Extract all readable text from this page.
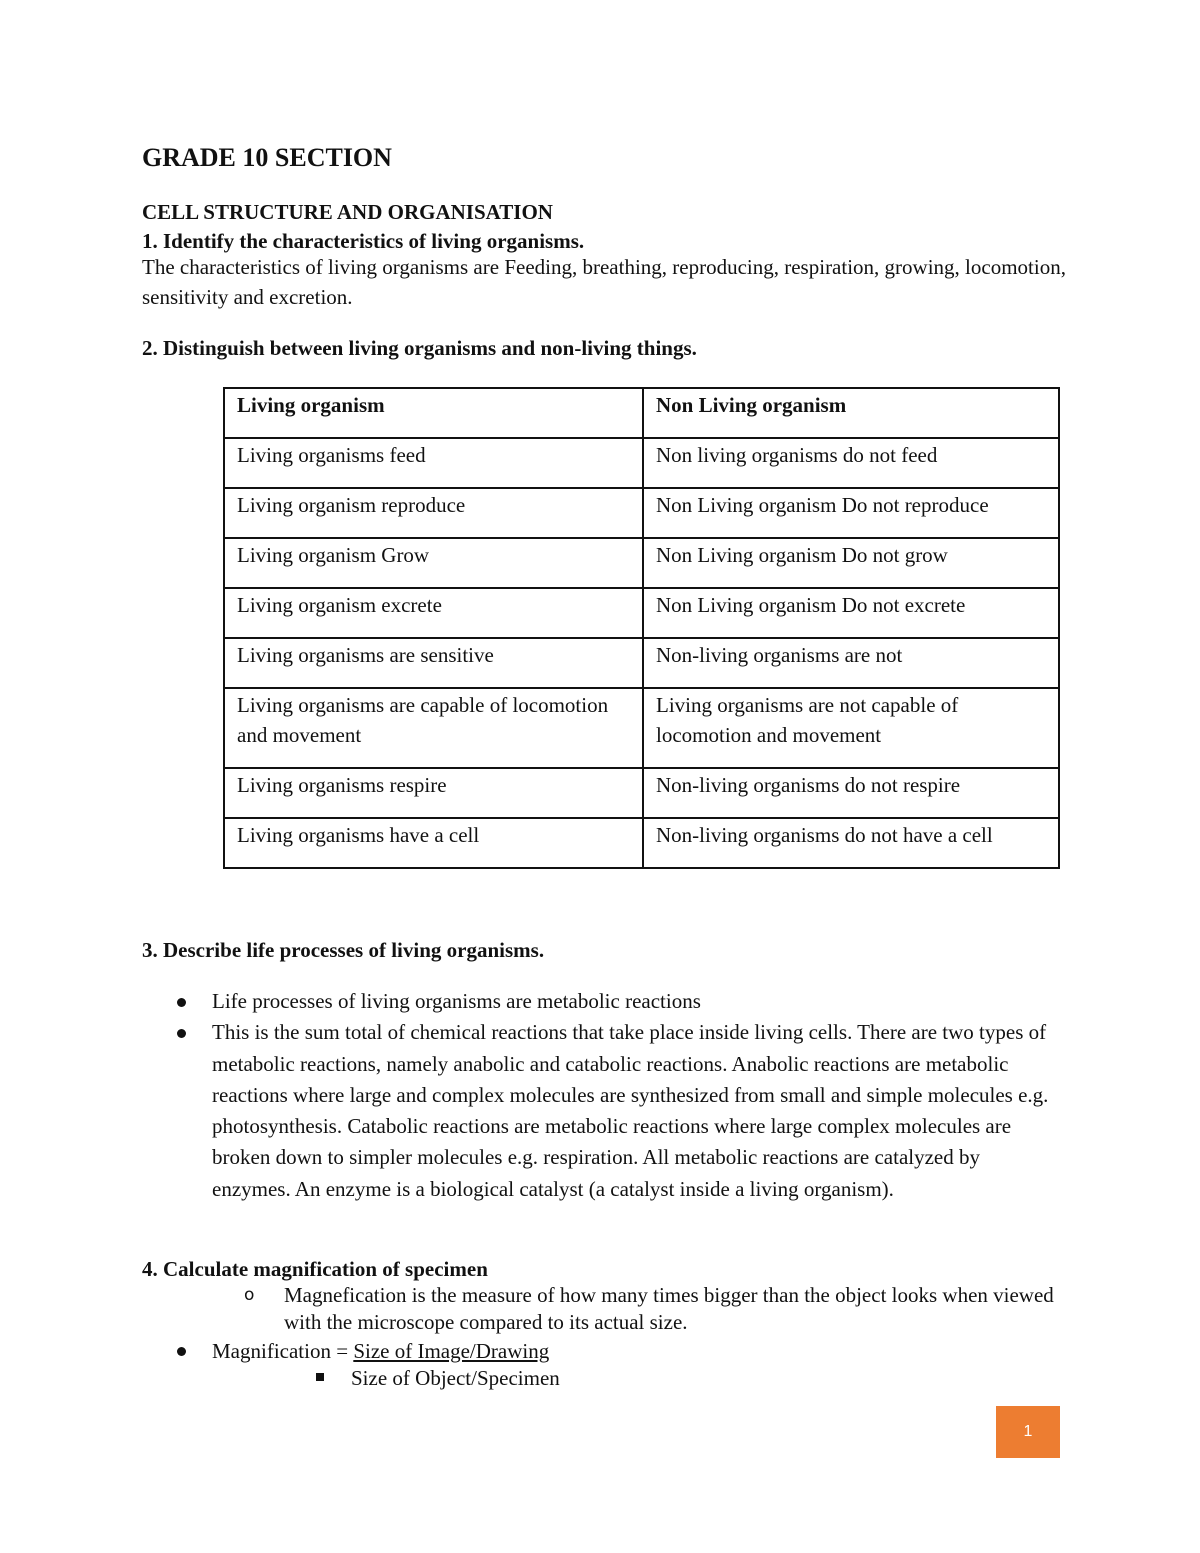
GRADE 10 SECTION
CELL STRUCTURE AND ORGANISATION
1. Identify the characteristics of living organisms.

The characteristics of living organisms are Feeding, breathing, reproducing, respiration, growing, locomotion, sensitivity and excretion.

2. Distinguish between living organisms and non-living things.
Living organism	Non Living organism
Living organisms feed	Non living organisms do not feed
Living organism reproduce	Non Living organism Do not reproduce
Living organism Grow	Non Living organism Do not grow
Living organism excrete	Non Living organism Do not excrete
Living organisms are sensitive	Non-living organisms are not
Living organisms are capable of locomotion and movement	Living organisms are not capable of locomotion and movement
Living organisms respire	Non-living organisms do not respire
Living organisms have a cell	Non-living organisms do not have a cell
3. Describe life processes of living organisms.
Life processes of living organisms are metabolic reactions
This is the sum total of chemical reactions that take place inside living cells. There are two types of metabolic reactions, namely anabolic and catabolic reactions. Anabolic reactions are metabolic reactions where large and complex molecules are synthesized from small and simple molecules e.g. photosynthesis. Catabolic reactions are metabolic reactions where large complex molecules are broken down to simpler molecules e.g. respiration. All metabolic reactions are catalyzed by enzymes. An enzyme is a biological catalyst (a catalyst inside a living organism).
4. Calculate magnification of specimen
o	Magnefication is the measure of how many times bigger than the object looks when viewed with the microscope compared to its actual size.
Magnification = Size of Image/Drawing
Size of Object/Specimen
1
